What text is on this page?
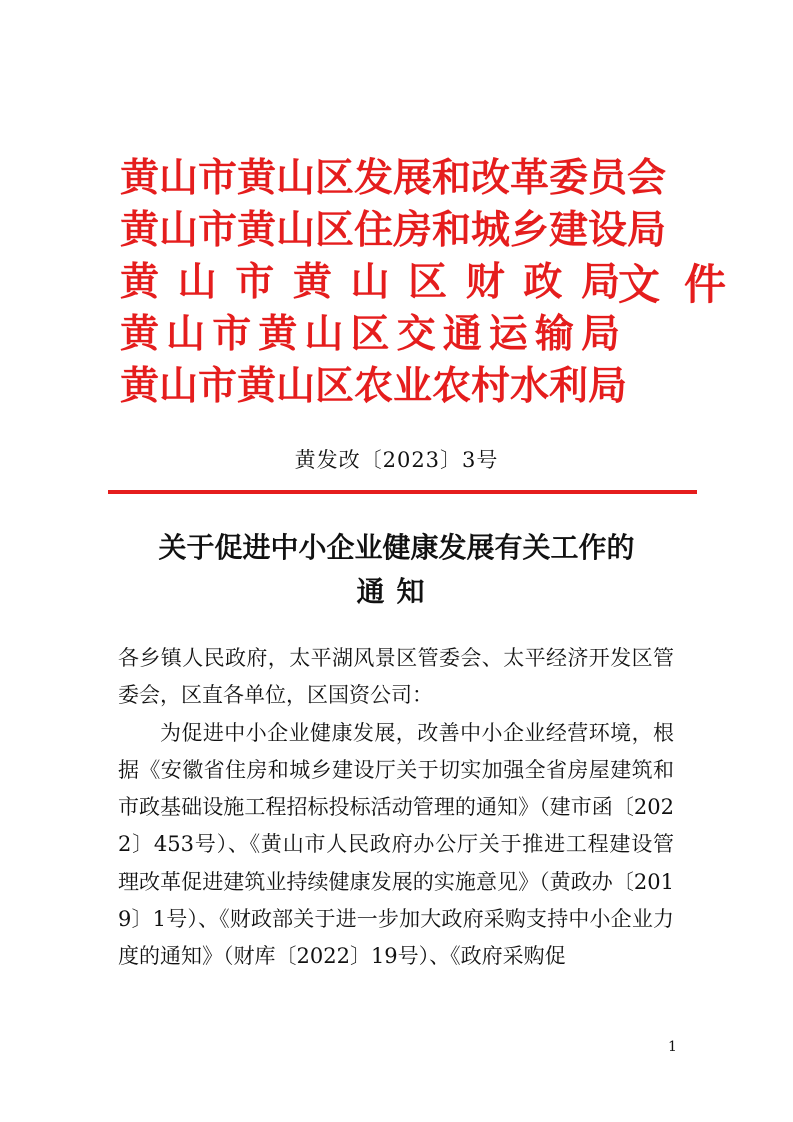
黄山市黄山区发展和改革委员会
黄山市黄山区住房和城乡建设局
黄山市黄山区财政局
黄山市黄山区交通运输局
黄山市黄山区农业农村水利局
文件
黄发改〔2023〕3号
关于促进中小企业健康发展有关工作的
通知

各乡镇人民政府，太平湖风景区管委会、太平经济开发区管委会，区直各单位，区国资公司：

为促进中小企业健康发展，改善中小企业经营环境，根据《安徽省住房和城乡建设厅关于切实加强全省房屋建筑和市政基础设施工程招标投标活动管理的通知》（建市函〔2022〕453号）、《黄山市人民政府办公厅关于推进工程建设管理改革促进建筑业持续健康发展的实施意见》（黄政办〔2019〕1号）、《财政部关于进一步加大政府采购支持中小企业力度的通知》（财库〔2022〕19号）、《政府采购促

1
